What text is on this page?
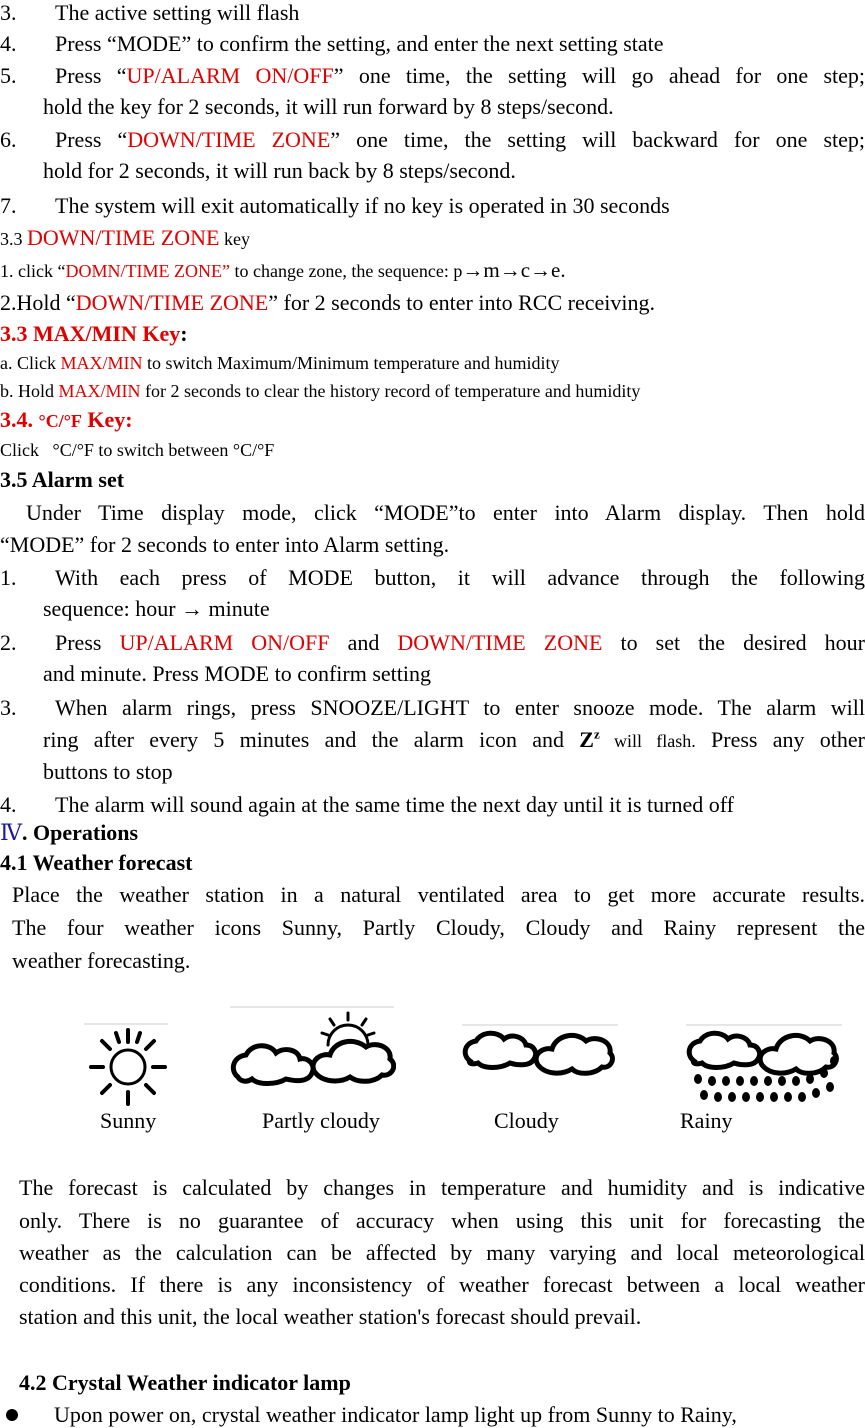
3. The active setting will flash
4. Press “MODE” to confirm the setting, and enter the next setting state
5. Press “UP/ALARM ON/OFF” one time, the setting will go ahead for one step;
hold the key for 2 seconds, it will run forward by 8 steps/second.
6. Press “DOWN/TIME ZONE” one time, the setting will backward for one step;
hold for 2 seconds, it will run back by 8 steps/second.
7. The system will exit automatically if no key is operated in 30 seconds
3.3 DOWN/TIME ZONE key
1. click “DOMN/TIME ZONE” to change zone, the sequence: p→m→c→e.
2.Hold “DOWN/TIME ZONE” for 2 seconds to enter into RCC receiving.
3.3 MAX/MIN Key:
a. Click MAX/MIN to switch Maximum/Minimum temperature and humidity
b. Hold MAX/MIN for 2 seconds to clear the history record of temperature and humidity
3.4. °C/°F Key:
Click   °C/°F to switch between °C/°F
3.5 Alarm set
Under Time display mode, click “MODE”to enter into Alarm display. Then hold
“MODE” for 2 seconds to enter into Alarm setting.
1. With each press of MODE button, it will advance through the following
sequence: hour → minute
2. Press UP/ALARM ON/OFF and DOWN/TIME ZONE to set the desired hour
and minute. Press MODE to confirm setting
3. When alarm rings, press SNOOZE/LIGHT to enter snooze mode. The alarm will
ring after every 5 minutes and the alarm icon and $Z^z$ will flash. Press any other
buttons to stop
4. The alarm will sound again at the same time the next day until it is turned off
Ⅳ. Operations
4.1 Weather forecast
Place the weather station in a natural ventilated area to get more accurate results.
The four weather icons Sunny, Partly Cloudy, Cloudy and Rainy represent the
weather forecasting.
Sunny	Partly cloudy	Cloudy	Rainy
The forecast is calculated by changes in temperature and humidity and is indicative
only. There is no guarantee of accuracy when using this unit for forecasting the
weather as the calculation can be affected by many varying and local meteorological
conditions. If there is any inconsistency of weather forecast between a local weather
station and this unit, the local weather station's forecast should prevail.
4.2 Crystal Weather indicator lamp
Upon power on, crystal weather indicator lamp light up from Sunny to Rainy,
